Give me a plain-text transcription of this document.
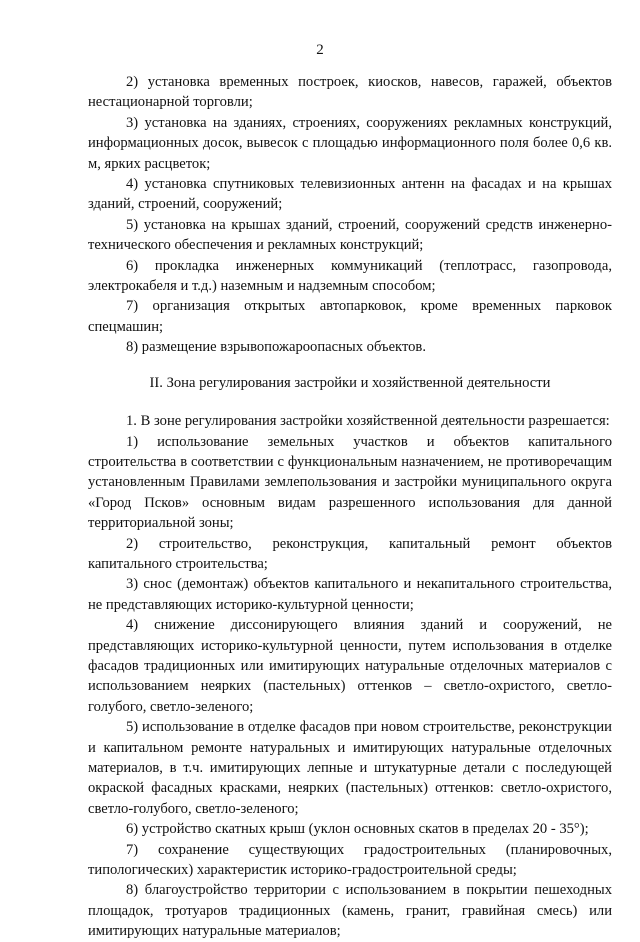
2

2) установка временных построек, киосков, навесов, гаражей, объектов нестационарной торговли;

3) установка на зданиях, строениях, сооружениях рекламных конструкций, информационных досок, вывесок с площадью информационного поля более 0,6 кв. м, ярких расцветок;

4) установка спутниковых телевизионных антенн на фасадах и на крышах зданий, строений, сооружений;

5) установка на крышах зданий, строений, сооружений средств инженерно-технического обеспечения и рекламных конструкций;

6) прокладка инженерных коммуникаций (теплотрасс, газопровода, электрокабеля и т.д.) наземным и надземным способом;

7) организация открытых автопарковок, кроме временных парковок спецмашин;

8) размещение взрывопожароопасных объектов.

II. Зона регулирования застройки и хозяйственной деятельности

1. В зоне регулирования застройки хозяйственной деятельности разрешается:

1) использование земельных участков и объектов капитального строительства в соответствии с функциональным назначением, не противоречащим установленным Правилами землепользования и застройки муниципального округа «Город Псков» основным видам разрешенного использования для данной территориальной зоны;

2) строительство, реконструкция, капитальный ремонт объектов капитального строительства;

3) снос (демонтаж) объектов капитального и некапитального строительства, не представляющих историко-культурной ценности;

4) снижение диссонирующего влияния зданий и сооружений, не представляющих историко-культурной ценности, путем использования в отделке фасадов традиционных или имитирующих натуральные отделочных материалов с использованием неярких (пастельных) оттенков – светло-охристого, светло-голубого, светло-зеленого;

5) использование в отделке фасадов при новом строительстве, реконструкции и капитальном ремонте натуральных и имитирующих натуральные отделочных материалов, в т.ч. имитирующих лепные и штукатурные детали с последующей окраской фасадных красками, неярких (пастельных) оттенков: светло-охристого, светло-голубого, светло-зеленого;

6) устройство скатных крыш (уклон основных скатов в пределах 20 - 35°);

7) сохранение существующих градостроительных (планировочных, типологических) характеристик историко-градостроительной среды;

8) благоустройство территории с использованием в покрытии пешеходных площадок, тротуаров традиционных (камень, гранит, гравийная смесь) или имитирующих натуральные материалов;
